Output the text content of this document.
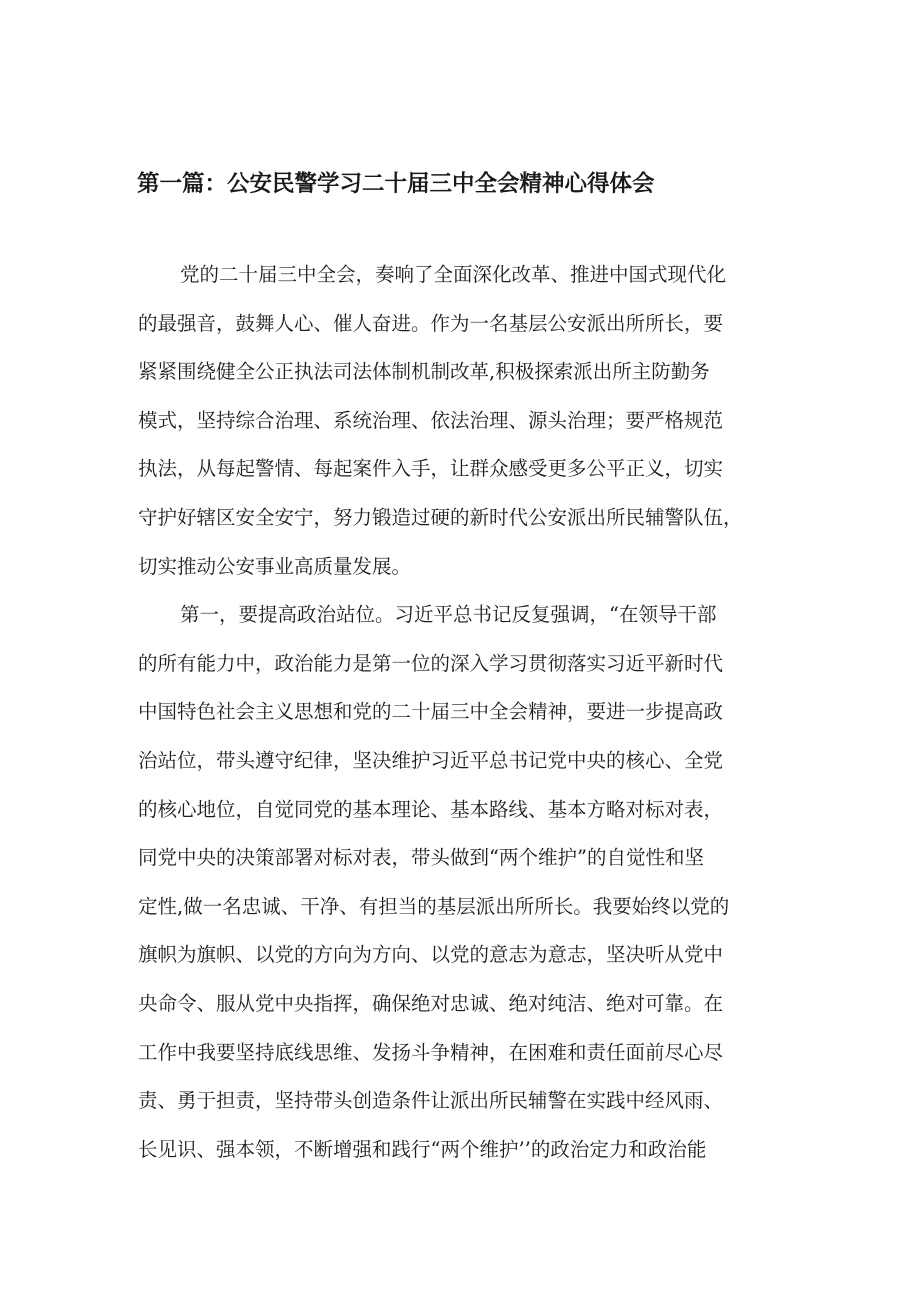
第一篇：公安民警学习二十届三中全会精神心得体会
党的二十届三中全会，奏响了全面深化改革、推进中国式现代化
的最强音，鼓舞人心、催人奋进。作为一名基层公安派出所所长，要
紧紧围绕健全公正执法司法体制机制改革,积极探索派出所主防勤务
模式，坚持综合治理、系统治理、依法治理、源头治理；要严格规范
执法，从每起警情、每起案件入手，让群众感受更多公平正义，切实
守护好辖区安全安宁，努力锻造过硬的新时代公安派出所民辅警队伍，
切实推动公安事业高质量发展。
第一，要提高政治站位。习近平总书记反复强调，“在领导干部
的所有能力中，政治能力是第一位的深入学习贯彻落实习近平新时代
中国特色社会主义思想和党的二十届三中全会精神，要进一步提高政
治站位，带头遵守纪律，坚决维护习近平总书记党中央的核心、全党
的核心地位，自觉同党的基本理论、基本路线、基本方略对标对表，
同党中央的决策部署对标对表，带头做到“两个维护”的自觉性和坚
定性,做一名忠诚、干净、有担当的基层派出所所长。我要始终以党的
旗帜为旗帜、以党的方向为方向、以党的意志为意志，坚决听从党中
央命令、服从党中央指挥，确保绝对忠诚、绝对纯洁、绝对可靠。在
工作中我要坚持底线思维、发扬斗争精神，在困难和责任面前尽心尽
责、勇于担责，坚持带头创造条件让派出所民辅警在实践中经风雨、
长见识、强本领，不断增强和践行“两个维护’’的政治定力和政治能
